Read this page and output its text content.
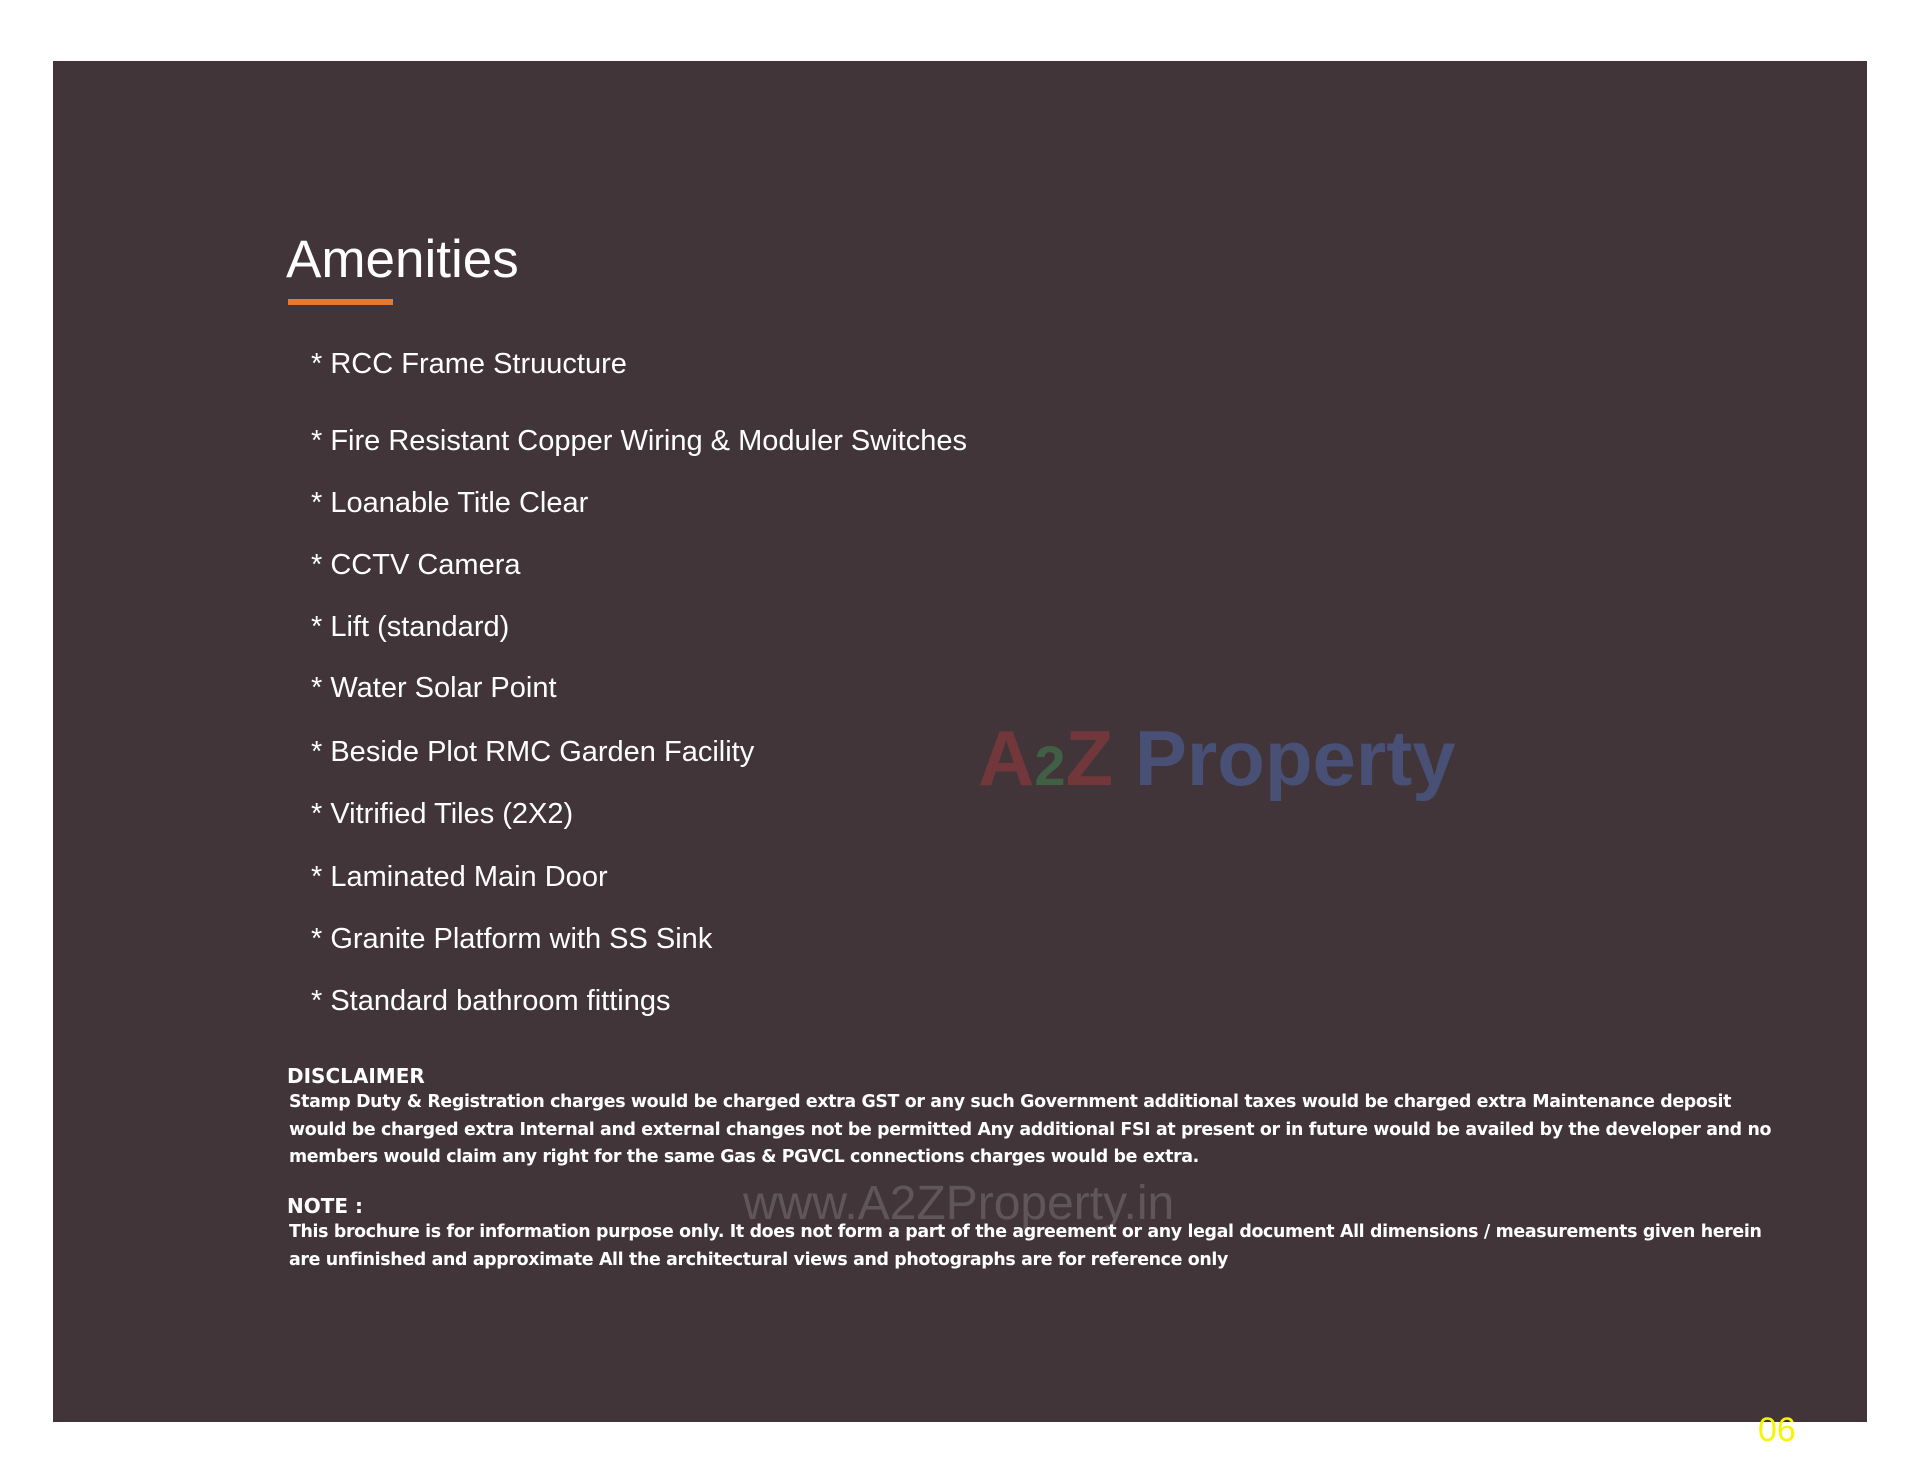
Amenities
* RCC Frame Struucture
* Fire Resistant Copper Wiring & Moduler Switches
* Loanable Title Clear
* CCTV Camera
* Lift (standard)
* Water Solar Point
* Beside Plot RMC Garden Facility
* Vitrified Tiles (2X2)
* Laminated Main Door
* Granite Platform with SS Sink
* Standard bathroom fittings
A2Z Property
DISCLAIMER
Stamp Duty & Registration charges would be charged extra GST or any such Government additional taxes would be charged extra Maintenance deposit would be charged extra Internal and external changes not be permitted Any additional FSI at present or in future would be availed by the developer and no members would claim any right for the same Gas & PGVCL connections charges would be extra.
NOTE :
This brochure is for information purpose only. It does not form a part of the agreement or any legal document All dimensions / measurements given herein are unfinished and approximate All the architectural views and photographs are for reference only
www.A2ZProperty.in
06
